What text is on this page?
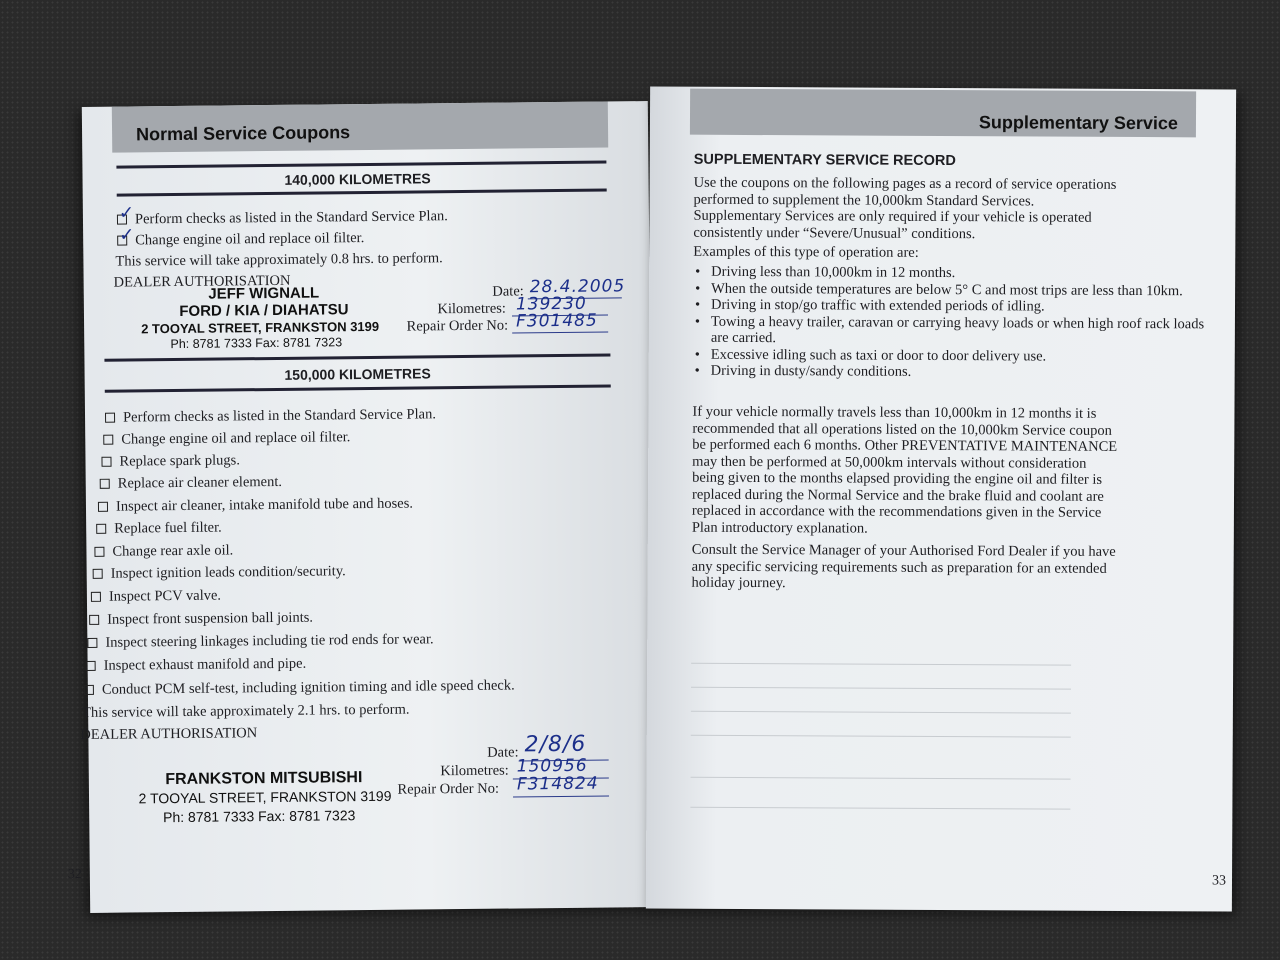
Normal Service Coupons
140,000 KILOMETRES
Perform checks as listed in the Standard Service Plan.
Change engine oil and replace oil filter.
✓
✓
This service will take approximately 0.8 hrs. to perform.
DEALER AUTHORISATION
JEFF WIGNALL
FORD / KIA / DIAHATSU
2 TOOYAL STREET, FRANKSTON 3199
Ph: 8781 7333 Fax: 8781 7323
Date: 28.4.2005
Kilometres: 139230
Repair Order No: F301485
150,000 KILOMETRES
Perform checks as listed in the Standard Service Plan.
Change engine oil and replace oil filter.
Replace spark plugs.
Replace air cleaner element.
Inspect air cleaner, intake manifold tube and hoses.
Replace fuel filter.
Change rear axle oil.
Inspect ignition leads condition/security.
Inspect PCV valve.
Inspect front suspension ball joints.
Inspect steering linkages including tie rod ends for wear.
Inspect exhaust manifold and pipe.
Conduct PCM self-test, including ignition timing and idle speed check.
This service will take approximately 2.1 hrs. to perform.
DEALER AUTHORISATION
Date: 2/8/6
Kilometres: 150956
Repair Order No: F314824
FRANKSTON MITSUBISHI
2 TOOYAL STREET, FRANKSTON 3199
Ph: 8781 7333 Fax: 8781 7323
32
Supplementary Service
SUPPLEMENTARY SERVICE RECORD
Use the coupons on the following pages as a record of service operations
performed to supplement the 10,000km Standard Services.
Supplementary Services are only required if your vehicle is operated
consistently under “Severe/Unusual” conditions.
Examples of this type of operation are:
• Driving less than 10,000km in 12 months.
• When the outside temperatures are below 5° C and most trips are less than 10km.
• Driving in stop/go traffic with extended periods of idling.
• Towing a heavy trailer, caravan or carrying heavy loads or when high roof rack loads are carried.
• Excessive idling such as taxi or door to door delivery use.
• Driving in dusty/sandy conditions.
If your vehicle normally travels less than 10,000km in 12 months it is
recommended that all operations listed on the 10,000km Service coupon
be performed each 6 months. Other PREVENTATIVE MAINTENANCE
may then be performed at 50,000km intervals without consideration
being given to the months elapsed providing the engine oil and filter is
replaced during the Normal Service and the brake fluid and coolant are
replaced in accordance with the recommendations given in the Service
Plan introductory explanation.
Consult the Service Manager of your Authorised Ford Dealer if you have
any specific servicing requirements such as preparation for an extended
holiday journey.
33
